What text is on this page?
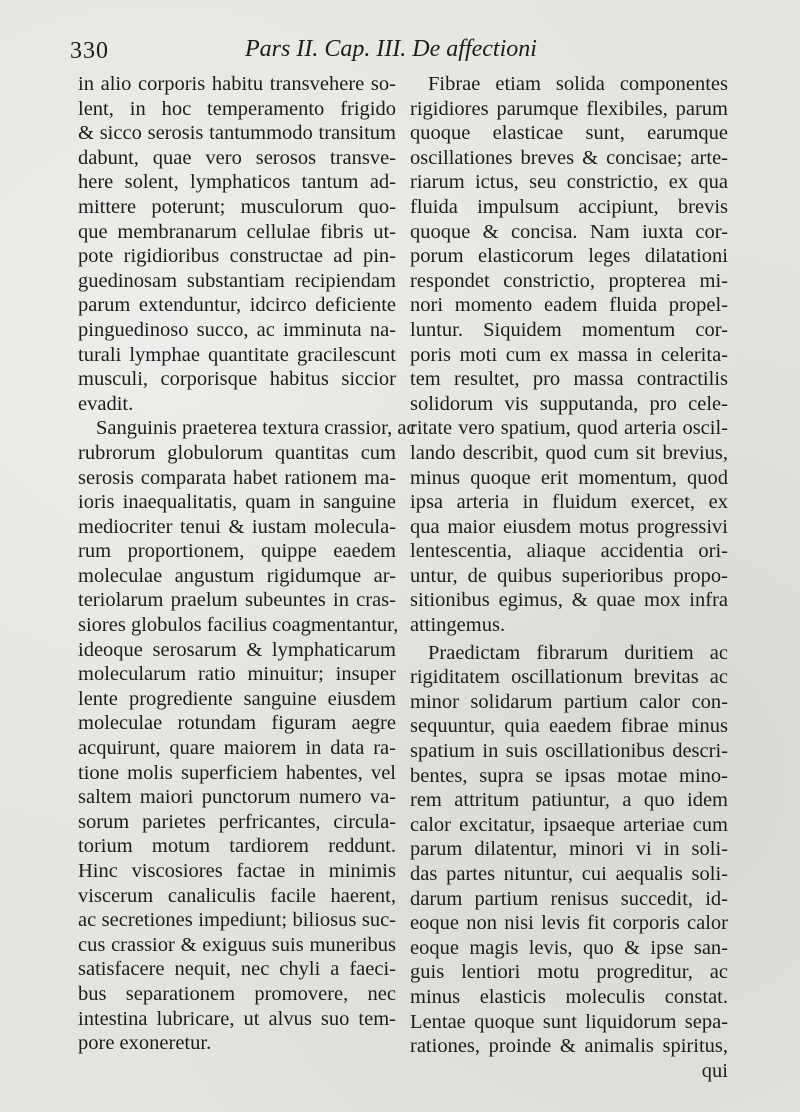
330	Pars II. Cap. III. De affectioni
in alio corporis habitu transvehere so-
lent, in hoc temperamento frigido
& sicco serosis tantummodo transitum
dabunt, quae vero serosos transve-
here solent, lymphaticos tantum ad-
mittere poterunt; musculorum quo-
que membranarum cellulae fibris ut-
pote rigidioribus constructae ad pin-
guedinosam substantiam recipiendam
parum extenduntur, idcirco deficiente
pinguedinoso succo, ac imminuta na-
turali lymphae quantitate gracilescunt
musculi, corporisque habitus siccior
evadit.
Sanguinis praeterea textura crassior, ac
rubrorum globulorum quantitas cum
serosis comparata habet rationem ma-
ioris inaequalitatis, quam in sanguine
mediocriter tenui & iustam molecula-
rum proportionem, quippe eaedem
moleculae angustum rigidumque ar-
teriolarum praelum subeuntes in cras-
siores globulos facilius coagmentantur,
ideoque serosarum & lymphaticarum
molecularum ratio minuitur; insuper
lente progrediente sanguine eiusdem
moleculae rotundam figuram aegre
acquirunt, quare maiorem in data ra-
tione molis superficiem habentes, vel
saltem maiori punctorum numero va-
sorum parietes perfricantes, circula-
torium motum tardiorem reddunt.
Hinc viscosiores factae in minimis
viscerum canaliculis facile haerent,
ac secretiones impediunt; biliosus suc-
cus crassior & exiguus suis muneribus
satisfacere nequit, nec chyli a faeci-
bus separationem promovere, nec
intestina lubricare, ut alvus suo tem-
pore exoneretur.
Fibrae etiam solida componentes
rigidiores parumque flexibiles, parum
quoque elasticae sunt, earumque
oscillationes breves & concisae; arte-
riarum ictus, seu constrictio, ex qua
fluida impulsum accipiunt, brevis
quoque & concisa. Nam iuxta cor-
porum elasticorum leges dilatationi
respondet constrictio, propterea mi-
nori momento eadem fluida propel-
luntur. Siquidem momentum cor-
poris moti cum ex massa in celerita-
tem resultet, pro massa contractilis
solidorum vis supputanda, pro cele-
ritate vero spatium, quod arteria oscil-
lando describit, quod cum sit brevius,
minus quoque erit momentum, quod
ipsa arteria in fluidum exercet, ex
qua maior eiusdem motus progressivi
lentescentia, aliaque accidentia ori-
untur, de quibus superioribus propo-
sitionibus egimus, & quae mox infra
attingemus.
Praedictam fibrarum duritiem ac
rigiditatem oscillationum brevitas ac
minor solidarum partium calor con-
sequuntur, quia eaedem fibrae minus
spatium in suis oscillationibus descri-
bentes, supra se ipsas motae mino-
rem attritum patiuntur, a quo idem
calor excitatur, ipsaeque arteriae cum
parum dilatentur, minori vi in soli-
das partes nituntur, cui aequalis soli-
darum partium renisus succedit, id-
eoque non nisi levis fit corporis calor
eoque magis levis, quo & ipse san-
guis lentiori motu progreditur, ac
minus elasticis moleculis constat.
Lentae quoque sunt liquidorum sepa-
rationes, proinde & animalis spiritus,
qui
